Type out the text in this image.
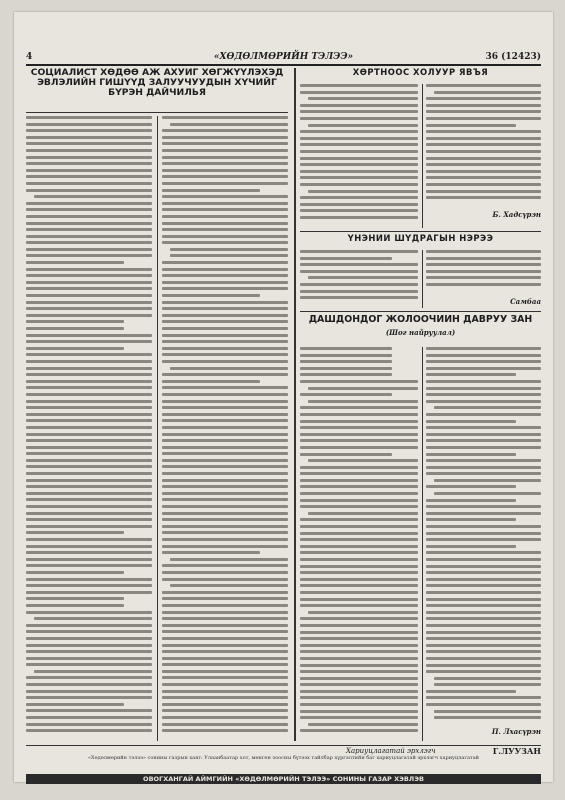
4	«ХӨДӨЛМӨРИЙН ТЭЛЭЭ»	36 (12423)
СОЦИАЛИСТ ХӨДӨӨ АЖ АХУЙГ ХӨГЖҮҮЛЭХЭД ЭВЛЭЛИЙН ГИШҮҮД ЗАЛУУЧУУДЫН ХҮЧИЙГ БҮРЭН ДАЙЧИЛЬЯ
ХӨРТНООС ХОЛУУР ЯВЪЯ
Б. Хадсүрэн
ҮНЭНИЙ ШҮДРАГЫН НЭРЭЭ
Самбаа
ДАШДОНДОГ ЖОЛООЧИЙН ДАВРУУ ЗАН
(Шог найруулал)
П. Лхасүрэн
Хариуцлагатай эрхлэгч	Г.ЛУУЗАН
«Хөдөлмөрийн тэлээ» сонины газрын хаяг: Улаанбаатар хот, мөнгөн зоосны бүтээх тайлбар хүргэлтийн баг хариуцлагатай эрхлэгч хариуцлагатай
ОВОГХАНГАЙ АЙМГИЙН «ХӨДӨЛМӨРИЙН ТЭЛЭЭ» СОНИНЫ ГАЗАР ХЭВЛЭВ
